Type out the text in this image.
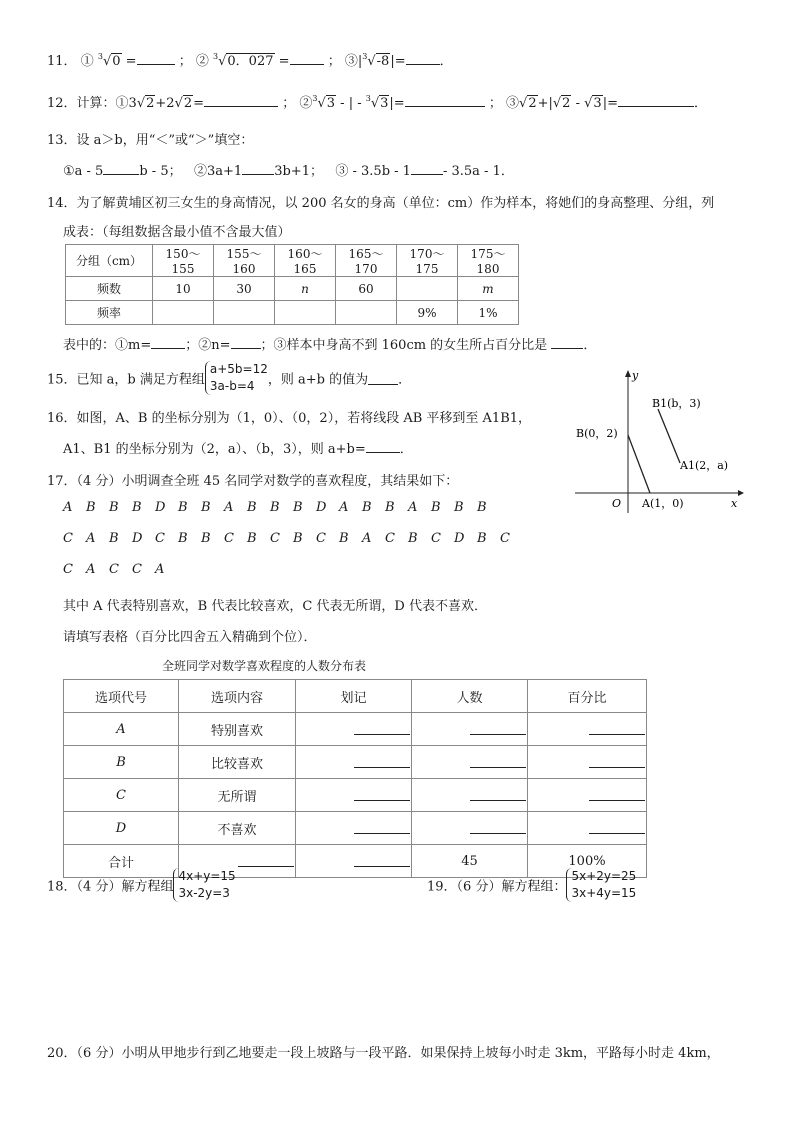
11． ① $^3$√0 =	； ② $^3$√0．027 =	； $③|^3√-8|=$	．
12．计算：①3√2+2√2=	； ②$^3$√3 - | - $^3$√3|=	； ③√2+|√2 - √3|=	．
13．设 a＞b，用“＜”或“＞”填空：
①a - 5	b - 5； ②3a+1 3b+1； ③ - 3.5b - 1 - 3.5a - 1．
14．为了解黄埔区初三女生的身高情况，以 200 名女的身高（单位：cm）作为样本，将她们的身高整理、分组，列
成表：（每组数据含最小值不含最大值）
分组（cm）	150～155	155～160	160～165	165～170	170～175	175～180
频数	10	30	n	60		m
频率					9%	1%
表中的：①m=	；②n= ；③样本中身高不到 160cm 的女生所占百分比是	．
15．已知 a，b 满足方程组a+5b=12
3a-b=4 ，则 a+b 的值为 ．
16．如图，A、B 的坐标分别为（1，0）、（0，2），若将线段 AB 平移到至 A1B1，
A1、B1 的坐标分别为（2，a）、（b，3），则 a+b=	．
y
x
O
B(0，2)
B1(b，3)
A1(2，a)
A(1，0)
17．（4 分）小明调查全班 45 名同学对数学的喜欢程度，其结果如下：
A B B B D B B A B B B D A B B A B B B
C A B D C B B C B C B C B A C B C D B C
C A C C A
其中 A 代表特别喜欢，B 代表比较喜欢，C 代表无所谓，D 代表不喜欢．
请填写表格（百分比四舍五入精确到个位）．
全班同学对数学喜欢程度的人数分布表
选项代号	选项内容	划记	人数	百分比
A	特别喜欢			
B	比较喜欢			
C	无所谓			
D	不喜欢			
合计			45	100%
18．（4 分）解方程组4x+y=15
3x-2y=3	19．（6 分）解方程组：5x+2y=25
3x+4y=15
20．（6 分）小明从甲地步行到乙地要走一段上坡路与一段平路．如果保持上坡每小时走 3km，平路每小时走 4km，
